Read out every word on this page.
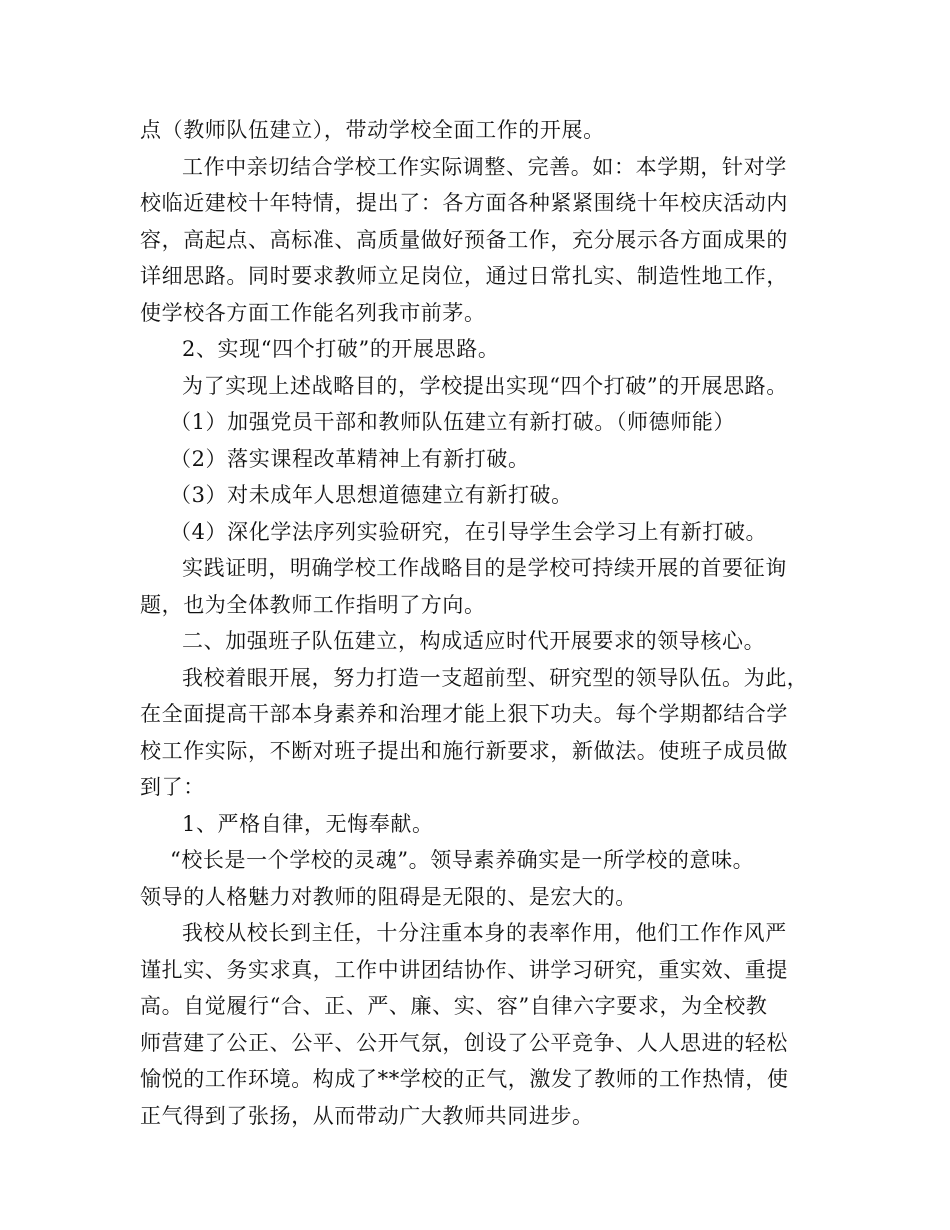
点（教师队伍建立），带动学校全面工作的开展。
工作中亲切结合学校工作实际调整、完善。如：本学期，针对学
校临近建校十年特情，提出了：各方面各种紧紧围绕十年校庆活动内
容，高起点、高标准、高质量做好预备工作，充分展示各方面成果的
详细思路。同时要求教师立足岗位，通过日常扎实、制造性地工作，
使学校各方面工作能名列我市前茅。
2、实现“四个打破”的开展思路。
为了实现上述战略目的，学校提出实现“四个打破”的开展思路。
（1）加强党员干部和教师队伍建立有新打破。（师德师能）
（2）落实课程改革精神上有新打破。
（3）对未成年人思想道德建立有新打破。
（4）深化学法序列实验研究，在引导学生会学习上有新打破。
实践证明，明确学校工作战略目的是学校可持续开展的首要征询
题，也为全体教师工作指明了方向。
二、加强班子队伍建立，构成适应时代开展要求的领导核心。
我校着眼开展，努力打造一支超前型、研究型的领导队伍。为此，
在全面提高干部本身素养和治理才能上狠下功夫。每个学期都结合学
校工作实际，不断对班子提出和施行新要求，新做法。使班子成员做
到了：
1、严格自律，无悔奉献。
“校长是一个学校的灵魂”。领导素养确实是一所学校的意味。
领导的人格魅力对教师的阻碍是无限的、是宏大的。
我校从校长到主任，十分注重本身的表率作用，他们工作作风严
谨扎实、务实求真，工作中讲团结协作、讲学习研究，重实效、重提
高。自觉履行“合、正、严、廉、实、容”自律六字要求，为全校教
师营建了公正、公平、公开气氛，创设了公平竞争、人人思进的轻松
愉悦的工作环境。构成了**学校的正气，激发了教师的工作热情，使
正气得到了张扬，从而带动广大教师共同进步。
